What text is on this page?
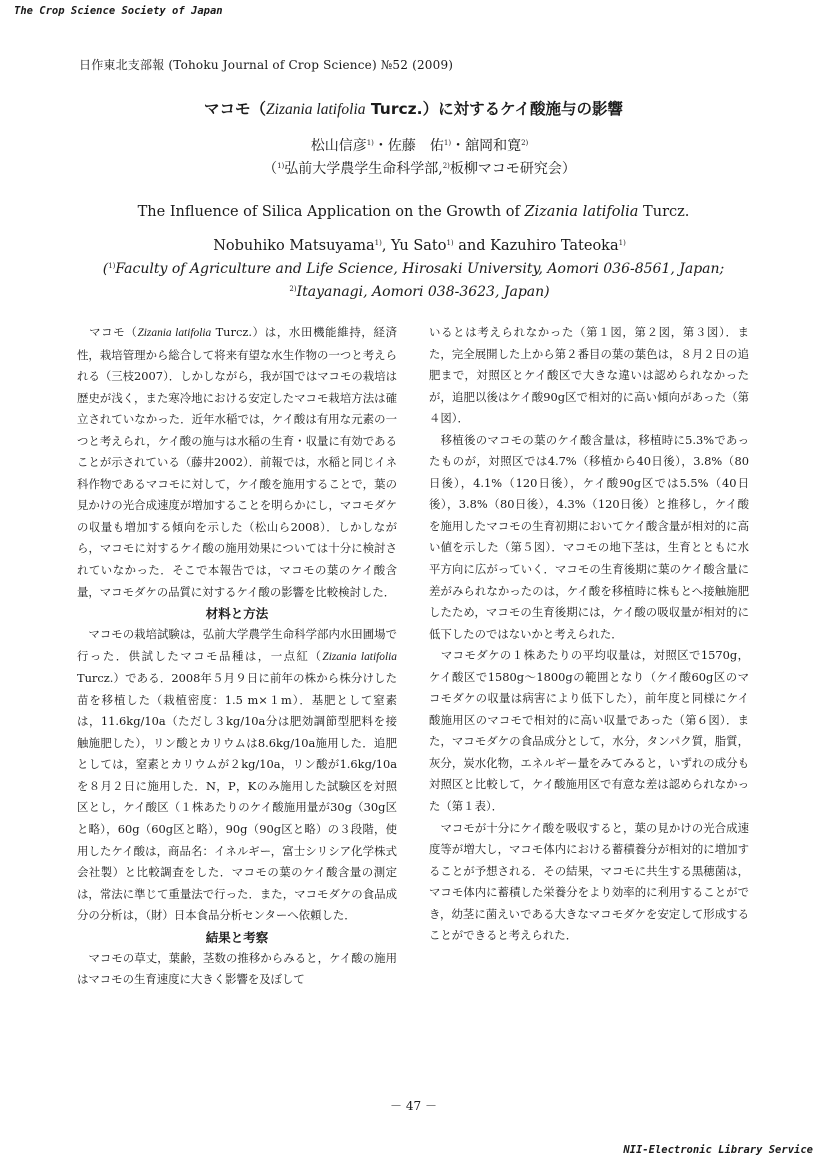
The Crop Science Society of Japan
日作東北支部報 (Tohoku Journal of Crop Science) №52 (2009)
マコモ（Zizania latifolia Turcz.）に対するケイ酸施与の影響
松山信彦$^{1)}$・佐藤　佑$^{1)}$・舘岡和寛$^{2)}$
（$^{1)}$弘前大学農学生命科学部,$^{2)}$板柳マコモ研究会）
The Influence of Silica Application on the Growth of Zizania latifolia Turcz.
Nobuhiko Matsuyama$^{1)}$, Yu Sato$^{1)}$ and Kazuhiro Tateoka$^{1)}$
($^{1)}$Faculty of Agriculture and Life Science, Hirosaki University, Aomori 036-8561, Japan;
$^{2)}$Itayanagi, Aomori 038-3623, Japan)

　マコモ（Zizania latifolia Turcz.）は，水田機能維持，経済性，栽培管理から総合して将来有望な水生作物の一つと考えられる（三枝2007）．しかしながら，我が国ではマコモの栽培は歴史が浅く，また寒冷地における安定したマコモ栽培方法は確立されていなかった．近年水稲では，ケイ酸は有用な元素の一つと考えられ，ケイ酸の施与は水稲の生育・収量に有効であることが示されている（藤井2002）．前報では，水稲と同じイネ科作物であるマコモに対して，ケイ酸を施用することで，葉の見かけの光合成速度が増加することを明らかにし，マコモダケの収量も増加する傾向を示した（松山ら2008）．しかしながら，マコモに対するケイ酸の施用効果については十分に検討されていなかった．そこで本報告では，マコモの葉のケイ酸含量，マコモダケの品質に対するケイ酸の影響を比較検討した．

材料と方法

　マコモの栽培試験は，弘前大学農学生命科学部内水田圃場で行った．供試したマコモ品種は，一点紅（Zizania latifolia Turcz.）である．2008年５月９日に前年の株から株分けした苗を移植した（栽植密度：1.5 m×１m）．基肥として窒素は，11.6kg/10a（ただし３kg/10a分は肥効調節型肥料を接触施肥した），リン酸とカリウムは8.6kg/10a施用した．追肥としては，窒素とカリウムが２kg/10a，リン酸が1.6kg/10a を８月２日に施用した．N，P，Kのみ施用した試験区を対照区とし，ケイ酸区（１株あたりのケイ酸施用量が30g（30g区と略），60g（60g区と略），90g（90g区と略）の３段階，使用したケイ酸は，商品名：イネルギー，富士シリシア化学株式会社製）と比較調査をした．マコモの葉のケイ酸含量の測定は，常法に準じて重量法で行った．また，マコモダケの食品成分の分析は，（財）日本食品分析センターへ依頼した．

結果と考察

　マコモの草丈，葉齢，茎数の推移からみると，ケイ酸の施用はマコモの生育速度に大きく影響を及ぼして

いるとは考えられなかった（第１図，第２図，第３図）．また，完全展開した上から第２番目の葉の葉色は，８月２日の追肥まで，対照区とケイ酸区で大きな違いは認められなかったが，追肥以後はケイ酸90g区で相対的に高い傾向があった（第４図）．

　移植後のマコモの葉のケイ酸含量は，移植時に5.3%であったものが，対照区では4.7%（移植から40日後），3.8%（80日後），4.1%（120日後），ケイ酸90g区では5.5%（40日後），3.8%（80日後），4.3%（120日後）と推移し，ケイ酸を施用したマコモの生育初期においてケイ酸含量が相対的に高い値を示した（第５図）．マコモの地下茎は，生育とともに水平方向に広がっていく．マコモの生育後期に葉のケイ酸含量に差がみられなかったのは，ケイ酸を移植時に株もとへ接触施肥したため，マコモの生育後期には，ケイ酸の吸収量が相対的に低下したのではないかと考えられた．

　マコモダケの１株あたりの平均収量は，対照区で1570g，ケイ酸区で1580g～1800gの範囲となり（ケイ酸60g区のマコモダケの収量は病害により低下した），前年度と同様にケイ酸施用区のマコモで相対的に高い収量であった（第６図）．また，マコモダケの食品成分として，水分，タンパク質，脂質，灰分，炭水化物，エネルギー量をみてみると，いずれの成分も対照区と比較して，ケイ酸施用区で有意な差は認められなかった（第１表）．

　マコモが十分にケイ酸を吸収すると，葉の見かけの光合成速度等が増大し，マコモ体内における蓄積養分が相対的に増加することが予想される．その結果，マコモに共生する黒穂菌は，マコモ体内に蓄積した栄養分をより効率的に利用することができ，幼茎に菌えいである大きなマコモダケを安定して形成することができると考えられた．

－ 47 －
NII-Electronic Library Service
